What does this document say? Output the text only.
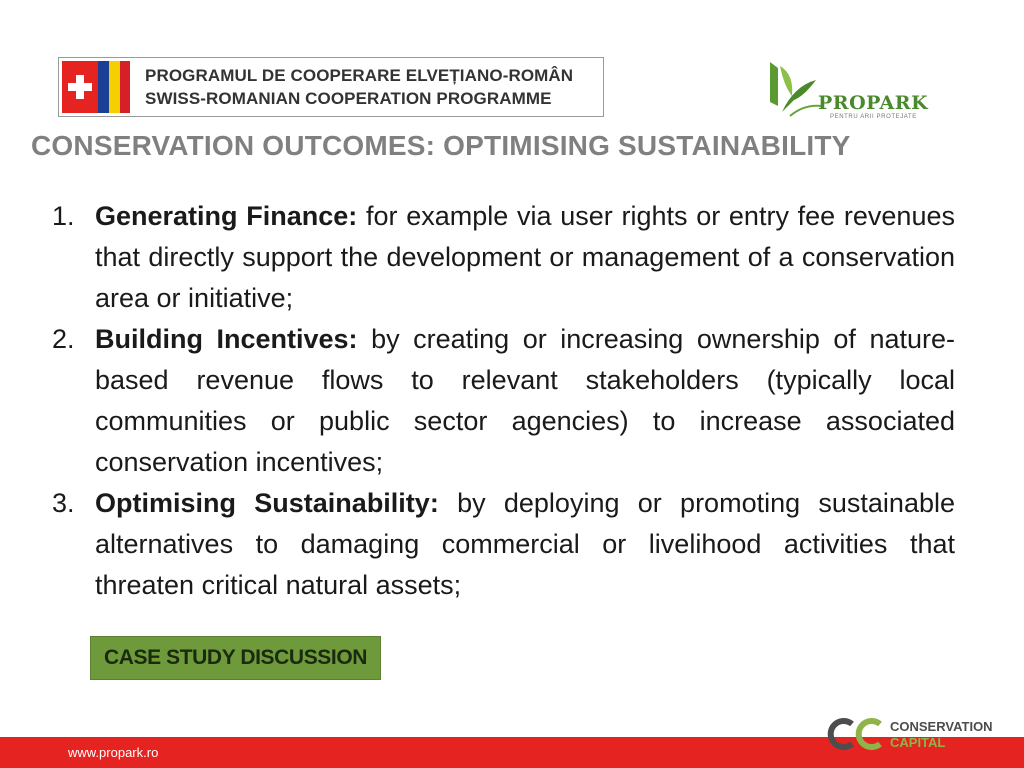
PROGRAMUL DE COOPERARE ELVEȚIANO-ROMÂN
SWISS-ROMANIAN COOPERATION PROGRAMME	PROPARK
PENTRU ARII PROTEJATE
CONSERVATION OUTCOMES: OPTIMISING SUSTAINABILITY
1. Generating Finance: for example via user rights or entry fee revenues that directly support the development or management of a conservation area or initiative;
2. Building Incentives: by creating or increasing ownership of nature-based revenue flows to relevant stakeholders (typically local communities or public sector agencies) to increase associated conservation incentives;
3. Optimising Sustainability: by deploying or promoting sustainable alternatives to damaging commercial or livelihood activities that threaten critical natural assets;
CASE STUDY DISCUSSION
www.propark.ro
CONSERVATION
CAPITAL
